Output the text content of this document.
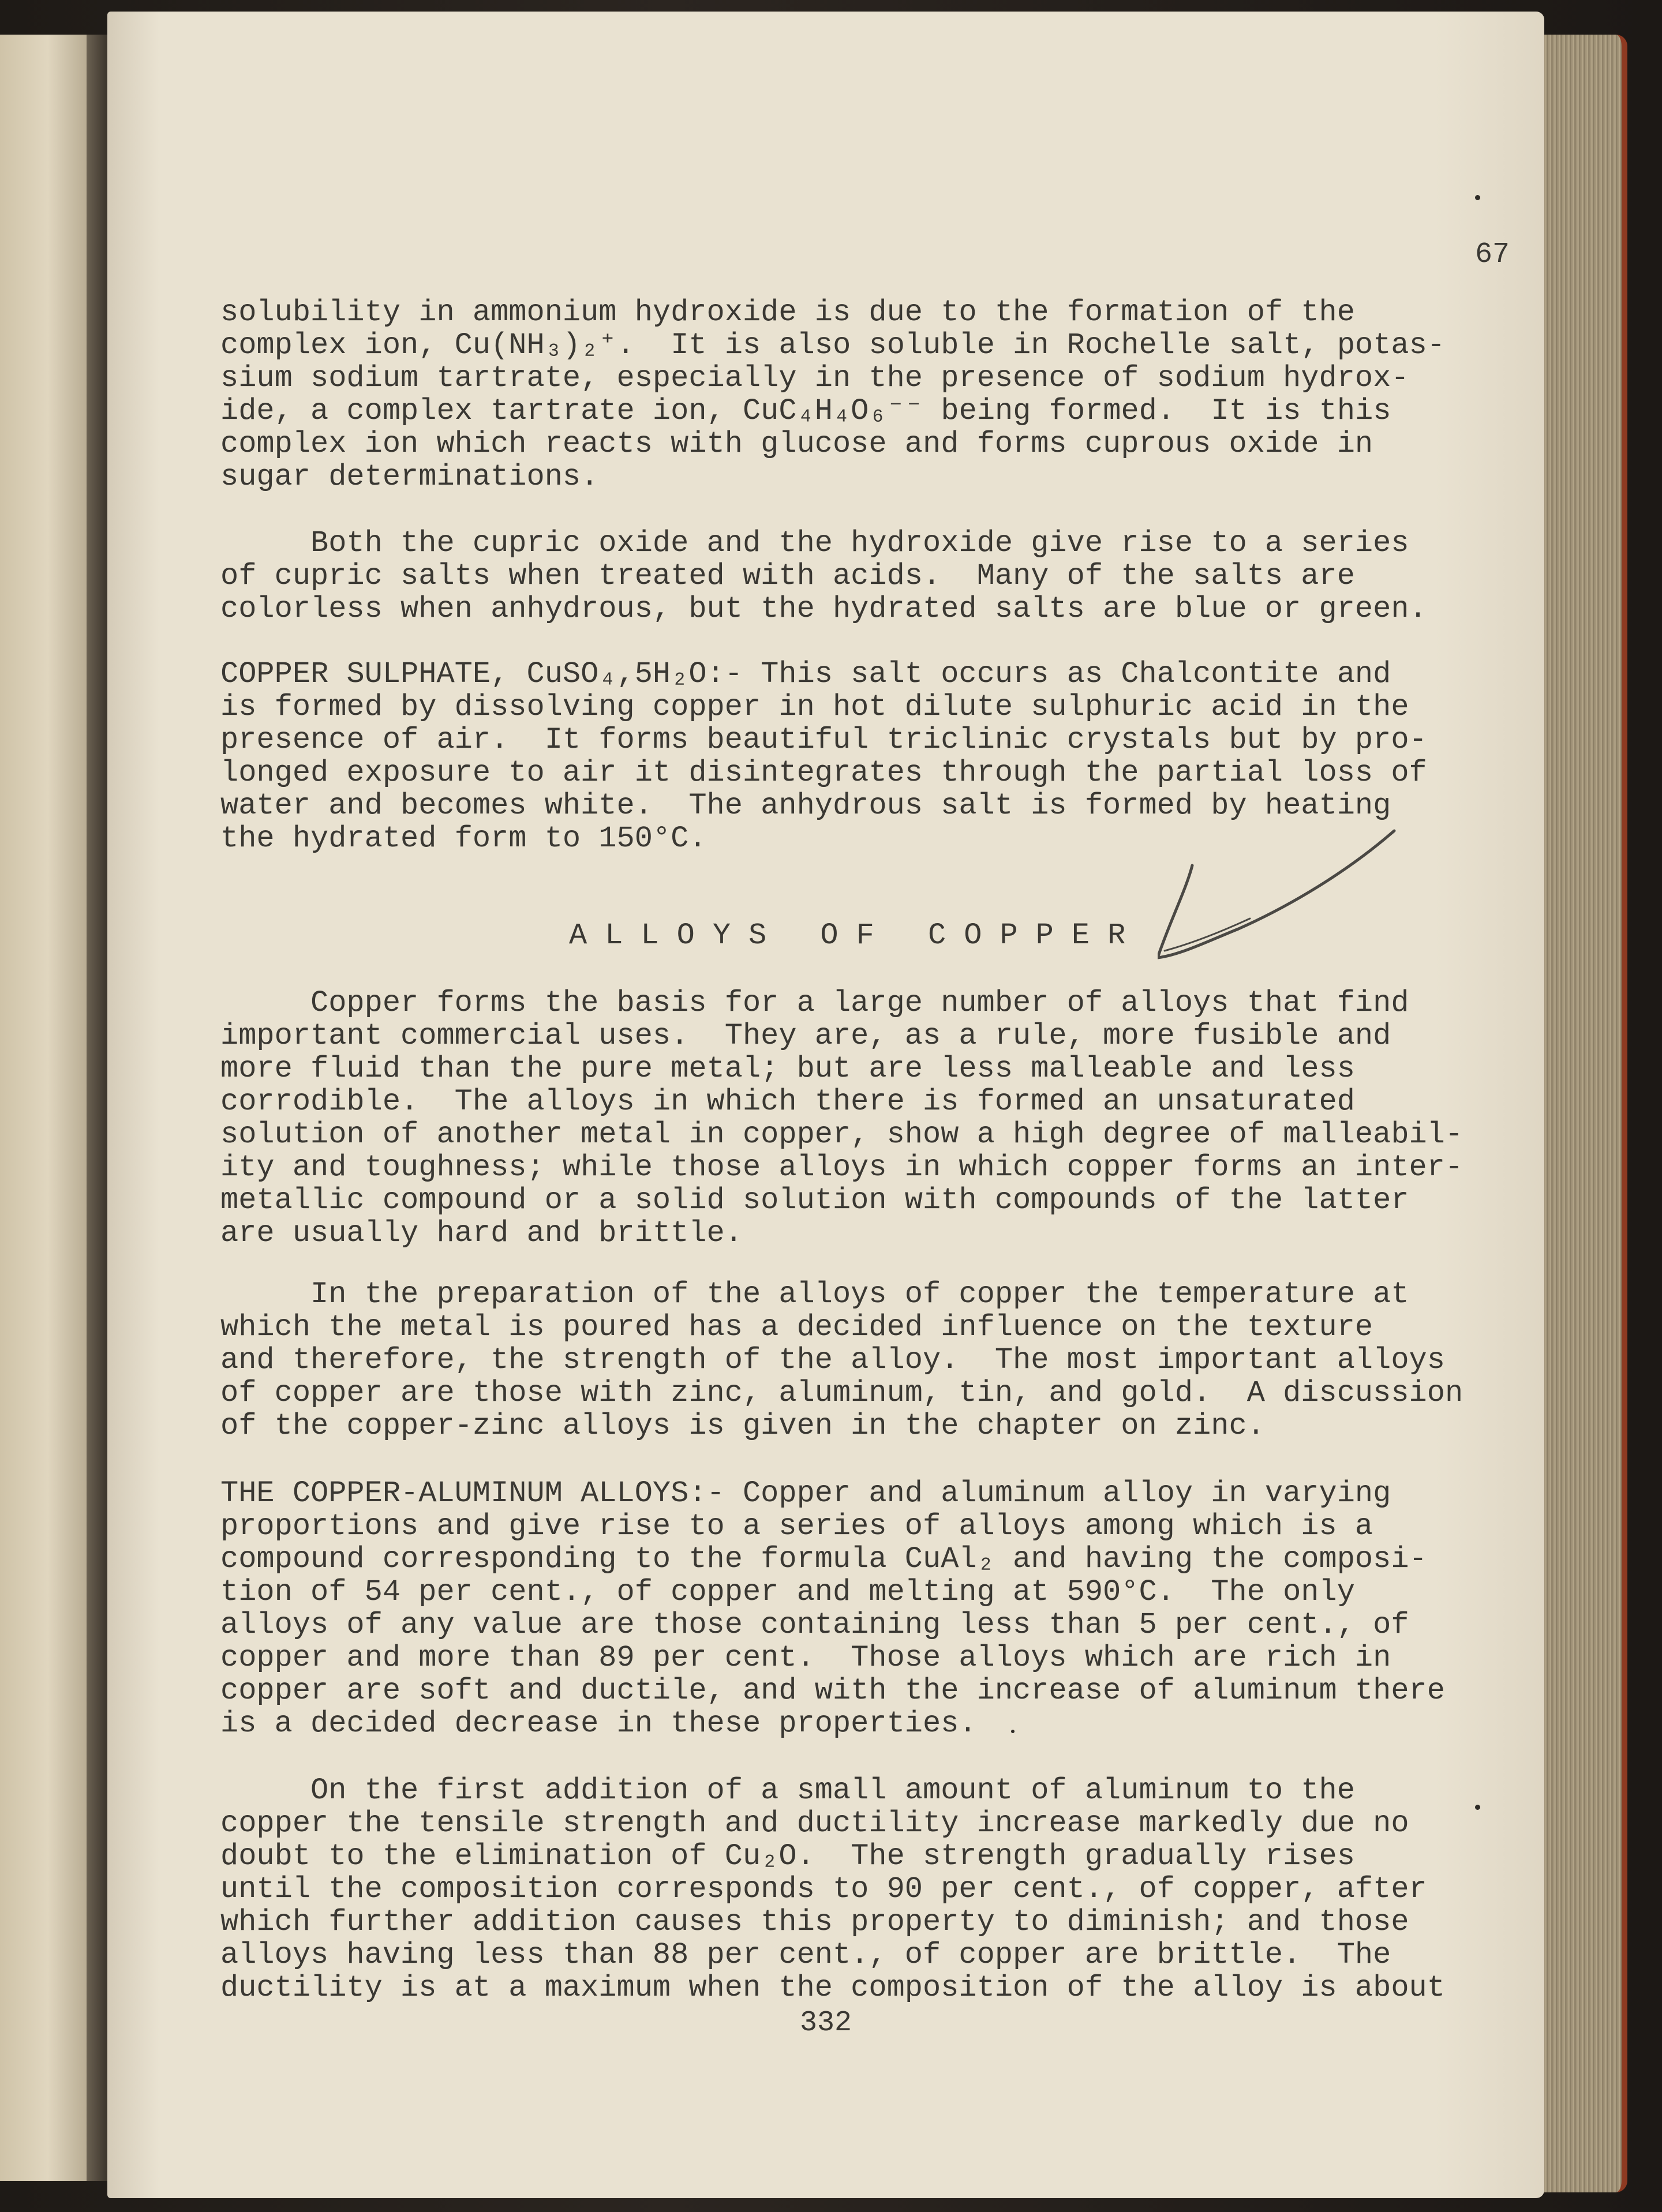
67

solubility in ammonium hydroxide is due to the formation of the
complex ion, Cu(NH₃)₂⁺.  It is also soluble in Rochelle salt, potas-
sium sodium tartrate, especially in the presence of sodium hydrox-
ide, a complex tartrate ion, CuC₄H₄O₆⁻⁻ being formed.  It is this
complex ion which reacts with glucose and forms cuprous oxide in
sugar determinations.

Both the cupric oxide and the hydroxide give rise to a series
of cupric salts when treated with acids.  Many of the salts are
colorless when anhydrous, but the hydrated salts are blue or green.

COPPER SULPHATE, CuSO₄,5H₂O:- This salt occurs as Chalcontite and
is formed by dissolving copper in hot dilute sulphuric acid in the
presence of air.  It forms beautiful triclinic crystals but by pro-
longed exposure to air it disintegrates through the partial loss of
water and becomes white.  The anhydrous salt is formed by heating
the hydrated form to 150°C.

ALLOYS OF COPPER

Copper forms the basis for a large number of alloys that find
important commercial uses.  They are, as a rule, more fusible and
more fluid than the pure metal; but are less malleable and less
corrodible.  The alloys in which there is formed an unsaturated
solution of another metal in copper, show a high degree of malleabil-
ity and toughness; while those alloys in which copper forms an inter-
metallic compound or a solid solution with compounds of the latter
are usually hard and brittle.

In the preparation of the alloys of copper the temperature at
which the metal is poured has a decided influence on the texture
and therefore, the strength of the alloy.  The most important alloys
of copper are those with zinc, aluminum, tin, and gold.  A discussion
of the copper-zinc alloys is given in the chapter on zinc.

THE COPPER-ALUMINUM ALLOYS:- Copper and aluminum alloy in varying
proportions and give rise to a series of alloys among which is a
compound corresponding to the formula CuAl₂ and having the composi-
tion of 54 per cent., of copper and melting at 590°C.  The only
alloys of any value are those containing less than 5 per cent., of
copper and more than 89 per cent.  Those alloys which are rich in
copper are soft and ductile, and with the increase of aluminum there
is a decided decrease in these properties.

On the first addition of a small amount of aluminum to the
copper the tensile strength and ductility increase markedly due no
doubt to the elimination of Cu₂O.  The strength gradually rises
until the composition corresponds to 90 per cent., of copper, after
which further addition causes this property to diminish; and those
alloys having less than 88 per cent., of copper are brittle.  The
ductility is at a maximum when the composition of the alloy is about

332
